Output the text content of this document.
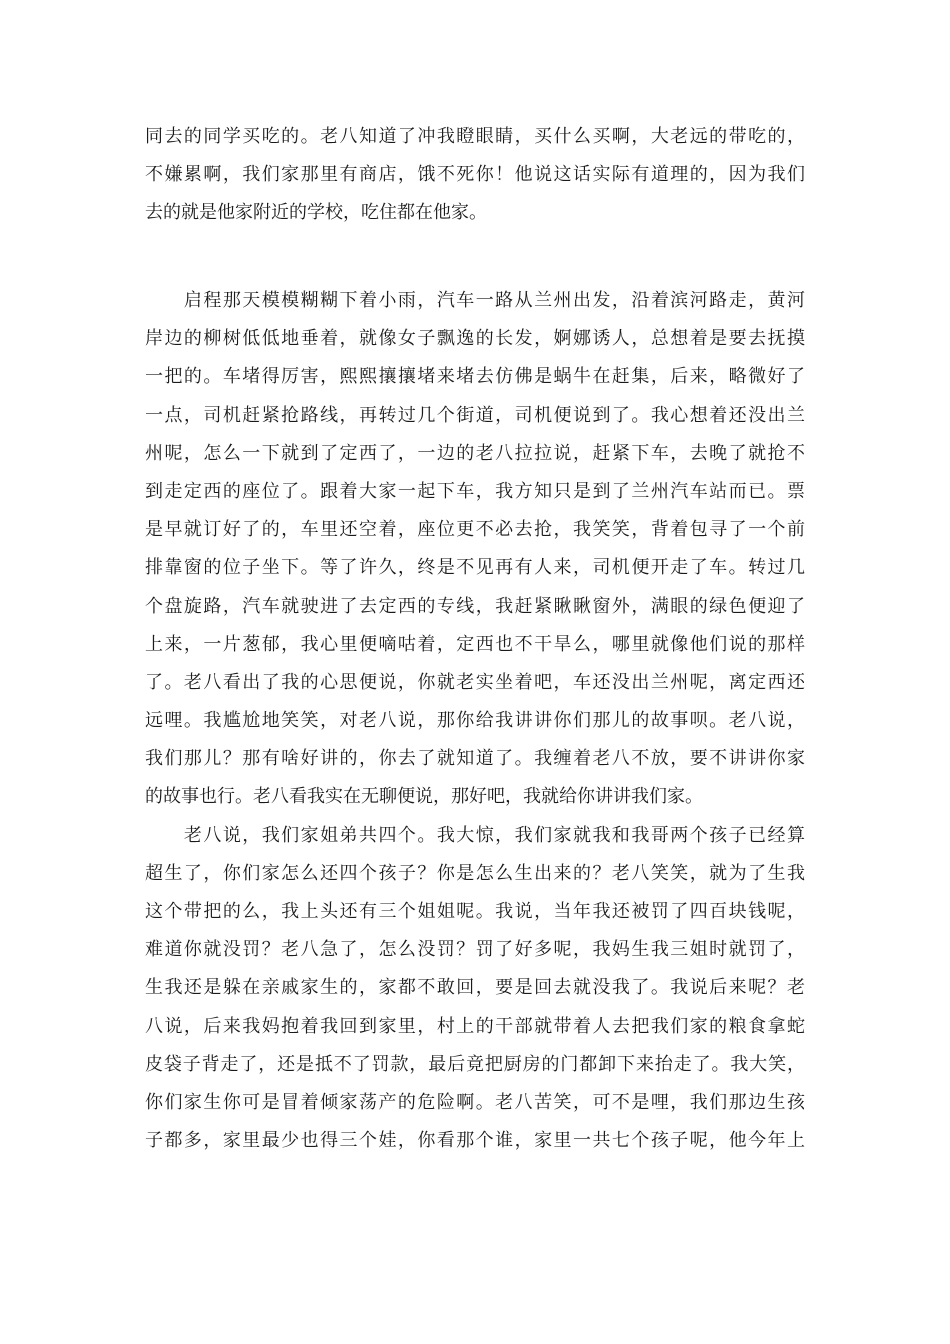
同去的同学买吃的。老八知道了冲我瞪眼睛，买什么买啊，大老远的带吃的，
不嫌累啊，我们家那里有商店，饿不死你！他说这话实际有道理的，因为我们
去的就是他家附近的学校，吃住都在他家。
　　启程那天模模糊糊下着小雨，汽车一路从兰州出发，沿着滨河路走，黄河
岸边的柳树低低地垂着，就像女子飘逸的长发，婀娜诱人，总想着是要去抚摸
一把的。车堵得厉害，熙熙攘攘堵来堵去仿佛是蜗牛在赶集，后来，略微好了
一点，司机赶紧抢路线，再转过几个街道，司机便说到了。我心想着还没出兰
州呢，怎么一下就到了定西了，一边的老八拉拉说，赶紧下车，去晚了就抢不
到走定西的座位了。跟着大家一起下车，我方知只是到了兰州汽车站而已。票
是早就订好了的，车里还空着，座位更不必去抢，我笑笑，背着包寻了一个前
排靠窗的位子坐下。等了许久，终是不见再有人来，司机便开走了车。转过几
个盘旋路，汽车就驶进了去定西的专线，我赶紧瞅瞅窗外，满眼的绿色便迎了
上来，一片葱郁，我心里便嘀咕着，定西也不干旱么，哪里就像他们说的那样
了。老八看出了我的心思便说，你就老实坐着吧，车还没出兰州呢，离定西还
远哩。我尴尬地笑笑，对老八说，那你给我讲讲你们那儿的故事呗。老八说，
我们那儿？那有啥好讲的，你去了就知道了。我缠着老八不放，要不讲讲你家
的故事也行。老八看我实在无聊便说，那好吧，我就给你讲讲我们家。
　　老八说，我们家姐弟共四个。我大惊，我们家就我和我哥两个孩子已经算
超生了，你们家怎么还四个孩子？你是怎么生出来的？老八笑笑，就为了生我
这个带把的么，我上头还有三个姐姐呢。我说，当年我还被罚了四百块钱呢，
难道你就没罚？老八急了，怎么没罚？罚了好多呢，我妈生我三姐时就罚了，
生我还是躲在亲戚家生的，家都不敢回，要是回去就没我了。我说后来呢？老
八说，后来我妈抱着我回到家里，村上的干部就带着人去把我们家的粮食拿蛇
皮袋子背走了，还是抵不了罚款，最后竟把厨房的门都卸下来抬走了。我大笑，
你们家生你可是冒着倾家荡产的危险啊。老八苦笑，可不是哩，我们那边生孩
子都多，家里最少也得三个娃，你看那个谁，家里一共七个孩子呢，他今年上
